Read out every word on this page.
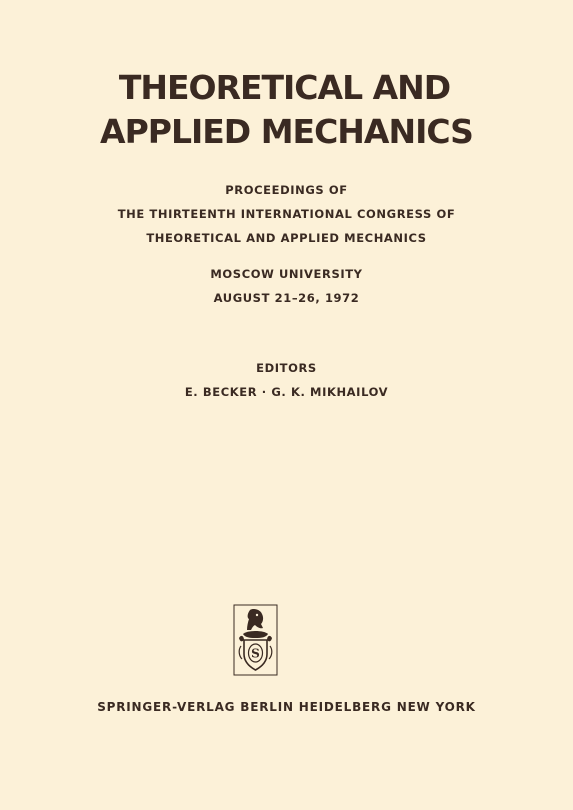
THEORETICAL AND
APPLIED MECHANICS
PROCEEDINGS OF
THE THIRTEENTH INTERNATIONAL CONGRESS OF
THEORETICAL AND APPLIED MECHANICS
MOSCOW UNIVERSITY
AUGUST 21–26, 1972
EDITORS
E. BECKER · G. K. MIKHAILOV
S
SPRINGER-VERLAG BERLIN HEIDELBERG NEW YORK
